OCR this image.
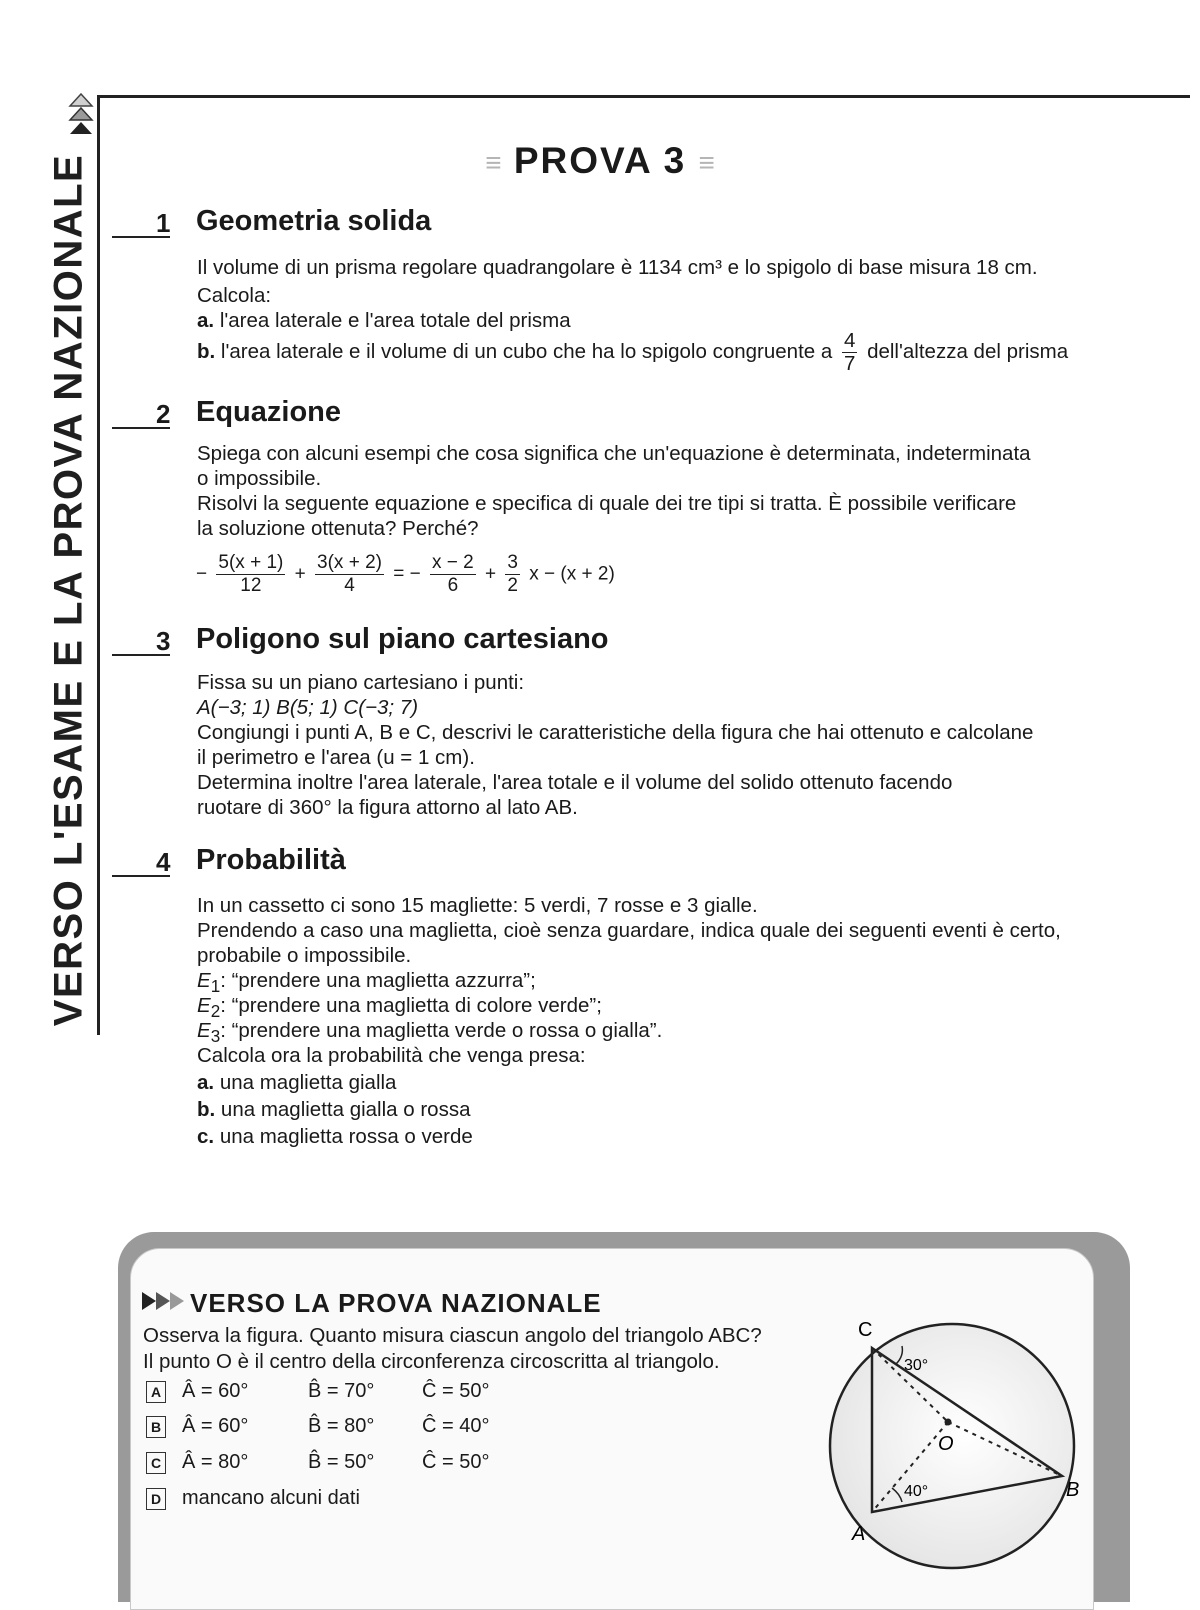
VERSO L'ESAME E LA PROVA NAZIONALE	≡ PROVA 3 ≡
1 Geometria solida
Il volume di un prisma regolare quadrangolare è 1134 cm³ e lo spigolo di base misura 18 cm.
Calcola:
a. l'area laterale e l'area totale del prisma
b. l'area laterale e il volume di un cubo che ha lo spigolo congruente a $\frac{4}{7}$ dell'altezza del prisma
2 Equazione
Spiega con alcuni esempi che cosa significa che un'equazione è determinata, indeterminata
o impossibile.
Risolvi la seguente equazione e specifica di quale dei tre tipi si tratta. È possibile verificare
la soluzione ottenuta? Perché?
− $\frac{5(x + 1)}{12} + \frac{3(x + 2)}{4}$ = − $\frac{x - 2}{6} + \frac{3}{2}$ x − (x + 2)
3 Poligono sul piano cartesiano
Fissa su un piano cartesiano i punti:
A(−3; 1) B(5; 1) C(−3; 7)
Congiungi i punti A, B e C, descrivi le caratteristiche della figura che hai ottenuto e calcolane
il perimetro e l'area (u = 1 cm).
Determina inoltre l'area laterale, l'area totale e il volume del solido ottenuto facendo
ruotare di 360° la figura attorno al lato AB.
4 Probabilità
In un cassetto ci sono 15 magliette: 5 verdi, 7 rosse e 3 gialle.
Prendendo a caso una maglietta, cioè senza guardare, indica quale dei seguenti eventi è certo,
probabile o impossibile.
$E_1$: “prendere una maglietta azzurra”;
$E_2$: “prendere una maglietta di colore verde”;
$E_3$: “prendere una maglietta verde o rossa o gialla”.
Calcola ora la probabilità che venga presa:
a. una maglietta gialla
b. una maglietta gialla o rossa
c. una maglietta rossa o verde
VERSO LA PROVA NAZIONALE
Osserva la figura. Quanto misura ciascun angolo del triangolo ABC?
Il punto O è il centro della circonferenza circoscritta al triangolo.
A Â = 60°	B̂ = 70° Ĉ = 50°
B Â = 60°	B̂ = 80° Ĉ = 40°
C Â = 80°	B̂ = 50° Ĉ = 50°
D mancano alcuni dati
C
B
A
O
30°
40°
